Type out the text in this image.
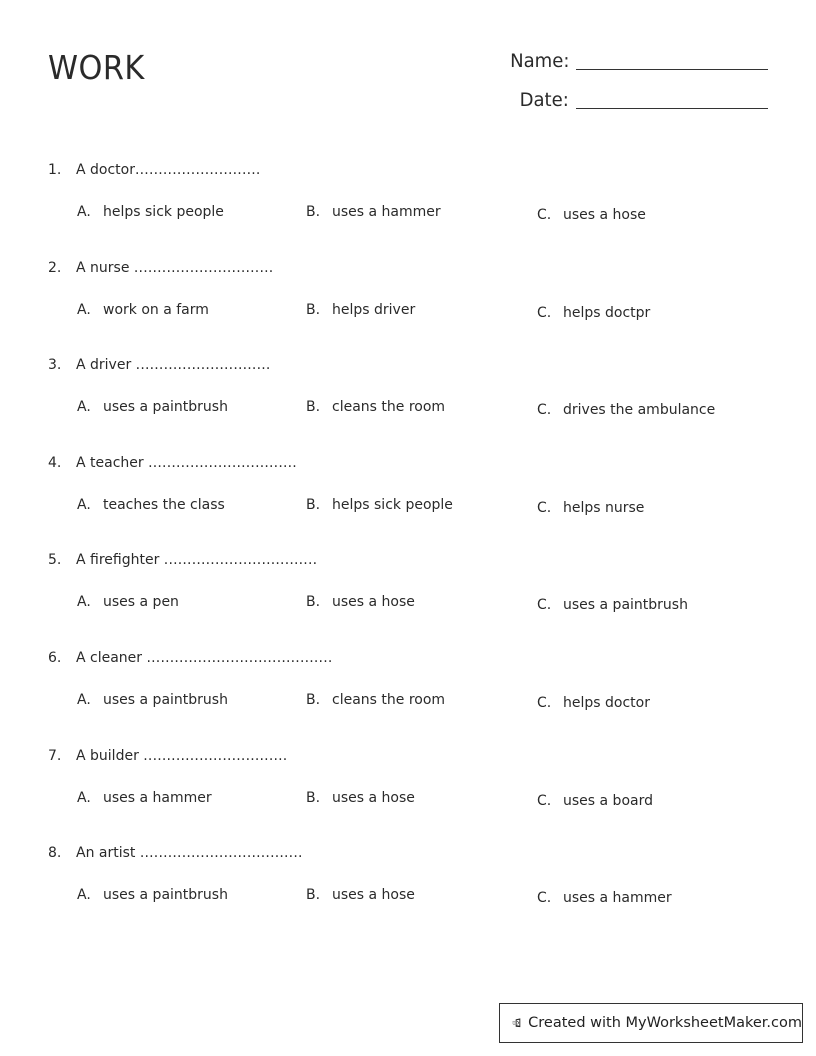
WORK	Name:
Date:
1. A doctor...........................
A. helps sick people	B. uses a hammer	C. uses a hose
2. A nurse ..............................
A. work on a farm	B. helps driver	C. helps doctpr
3. A driver .............................
A. uses a paintbrush	B. cleans the room	C. drives the ambulance
4. A teacher ................................
A. teaches the class	B. helps sick people	C. helps nurse
5. A firefighter .................................
A. uses a pen	B. uses a hose	C. uses a paintbrush
6. A cleaner ........................................
A. uses a paintbrush	B. cleans the room	C. helps doctor
7. A builder ...............................
A. uses a hammer	B. uses a hose	C. uses a board
8. An artist ...................................
A. uses a paintbrush	B. uses a hose	C. uses a hammer
Created with MyWorksheetMaker.com
